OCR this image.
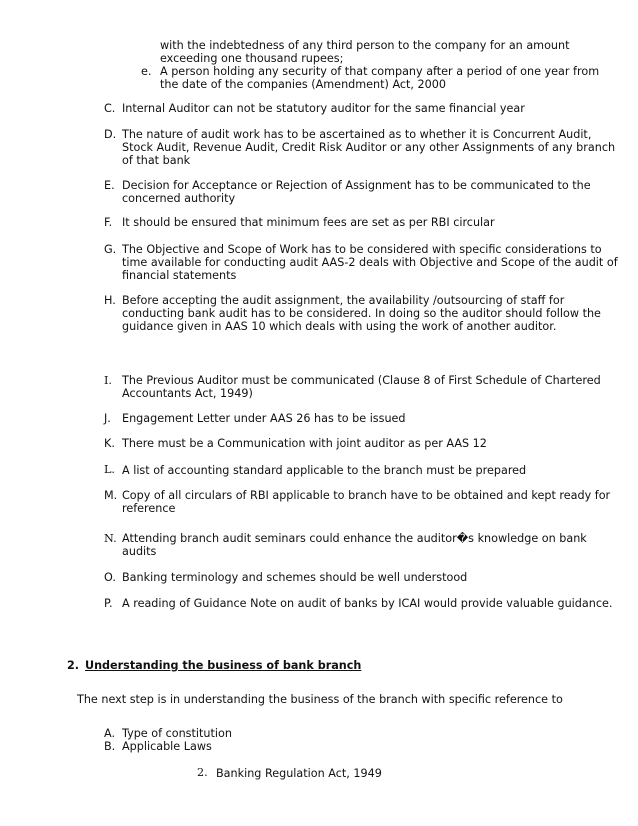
with the indebtedness of any third person to the company for an amount
exceeding one thousand rupees;
e. A person holding any security of that company after a period of one year from
the date of the companies (Amendment) Act, 2000
C. Internal Auditor can not be statutory auditor for the same financial year
D. The nature of audit work has to be ascertained as to whether it is Concurrent Audit,
Stock Audit, Revenue Audit, Credit Risk Auditor or any other Assignments of any branch
of that bank
E. Decision for Acceptance or Rejection of Assignment has to be communicated to the
concerned authority
F. It should be ensured that minimum fees are set as per RBI circular
G. The Objective and Scope of Work has to be considered with specific considerations to
time available for conducting audit AAS-2 deals with Objective and Scope of the audit of
financial statements
H. Before accepting the audit assignment, the availability /outsourcing of staff for
conducting bank audit has to be considered. In doing so the auditor should follow the
guidance given in AAS 10 which deals with using the work of another auditor.
I. The Previous Auditor must be communicated (Clause 8 of First Schedule of Chartered
Accountants Act, 1949)
J. Engagement Letter under AAS 26 has to be issued
K. There must be a Communication with joint auditor as per AAS 12
L. A list of accounting standard applicable to the branch must be prepared
M. Copy of all circulars of RBI applicable to branch have to be obtained and kept ready for
reference
N. Attending branch audit seminars could enhance the auditor�s knowledge on bank
audits
O. Banking terminology and schemes should be well understood
P. A reading of Guidance Note on audit of banks by ICAI would provide valuable guidance.
2. Understanding the business of bank branch
The next step is in understanding the business of the branch with specific reference to
A. Type of constitution
B. Applicable Laws
2. Banking Regulation Act, 1949
